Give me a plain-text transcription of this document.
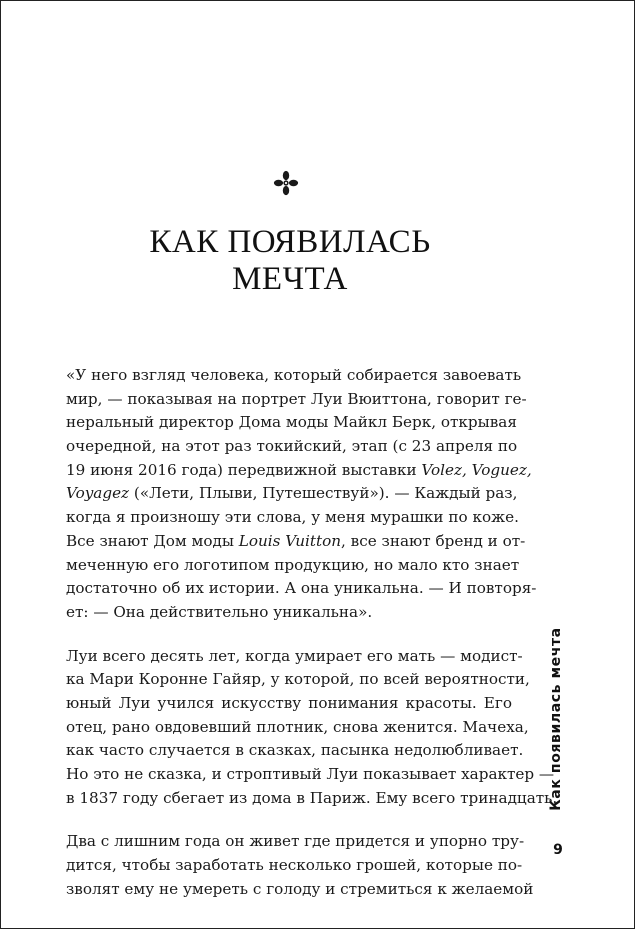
КАК ПОЯВИЛАСЬ
МЕЧТА
«У него взгляд человека, который собирается завоевать
мир, — показывая на портрет Луи Вюиттона, говорит ге-
неральный директор Дома моды Майкл Берк, открывая
очередной, на этот раз токийский, этап (с 23 апреля по
19 июня 2016 года) передвижной выставки Volez, Voguez,
Voyagez («Лети, Плыви, Путешествуй»). — Каждый раз,
когда я произношу эти слова, у меня мурашки по коже.
Все знают Дом моды Louis Vuitton, все знают бренд и от-
меченную его логотипом продукцию, но мало кто знает
достаточно об их истории. А она уникальна. — И повторя-
ет: — Она действительно уникальна».
Луи всего десять лет, когда умирает его мать — модист-
ка Мари Коронне Гайяр, у которой, по всей вероятности,
юный Луи учился искусству понимания красоты. Его
отец, рано овдовевший плотник, снова женится. Мачеха,
как часто случается в сказках, пасынка недолюбливает.
Но это не сказка, и строптивый Луи показывает характер —
в 1837 году сбегает из дома в Париж. Ему всего тринадцать.
Два с лишним года он живет где придется и упорно тру-
дится, чтобы заработать несколько грошей, которые по-
зволят ему не умереть с голоду и стремиться к желаемой
Как появилась мечта
9
